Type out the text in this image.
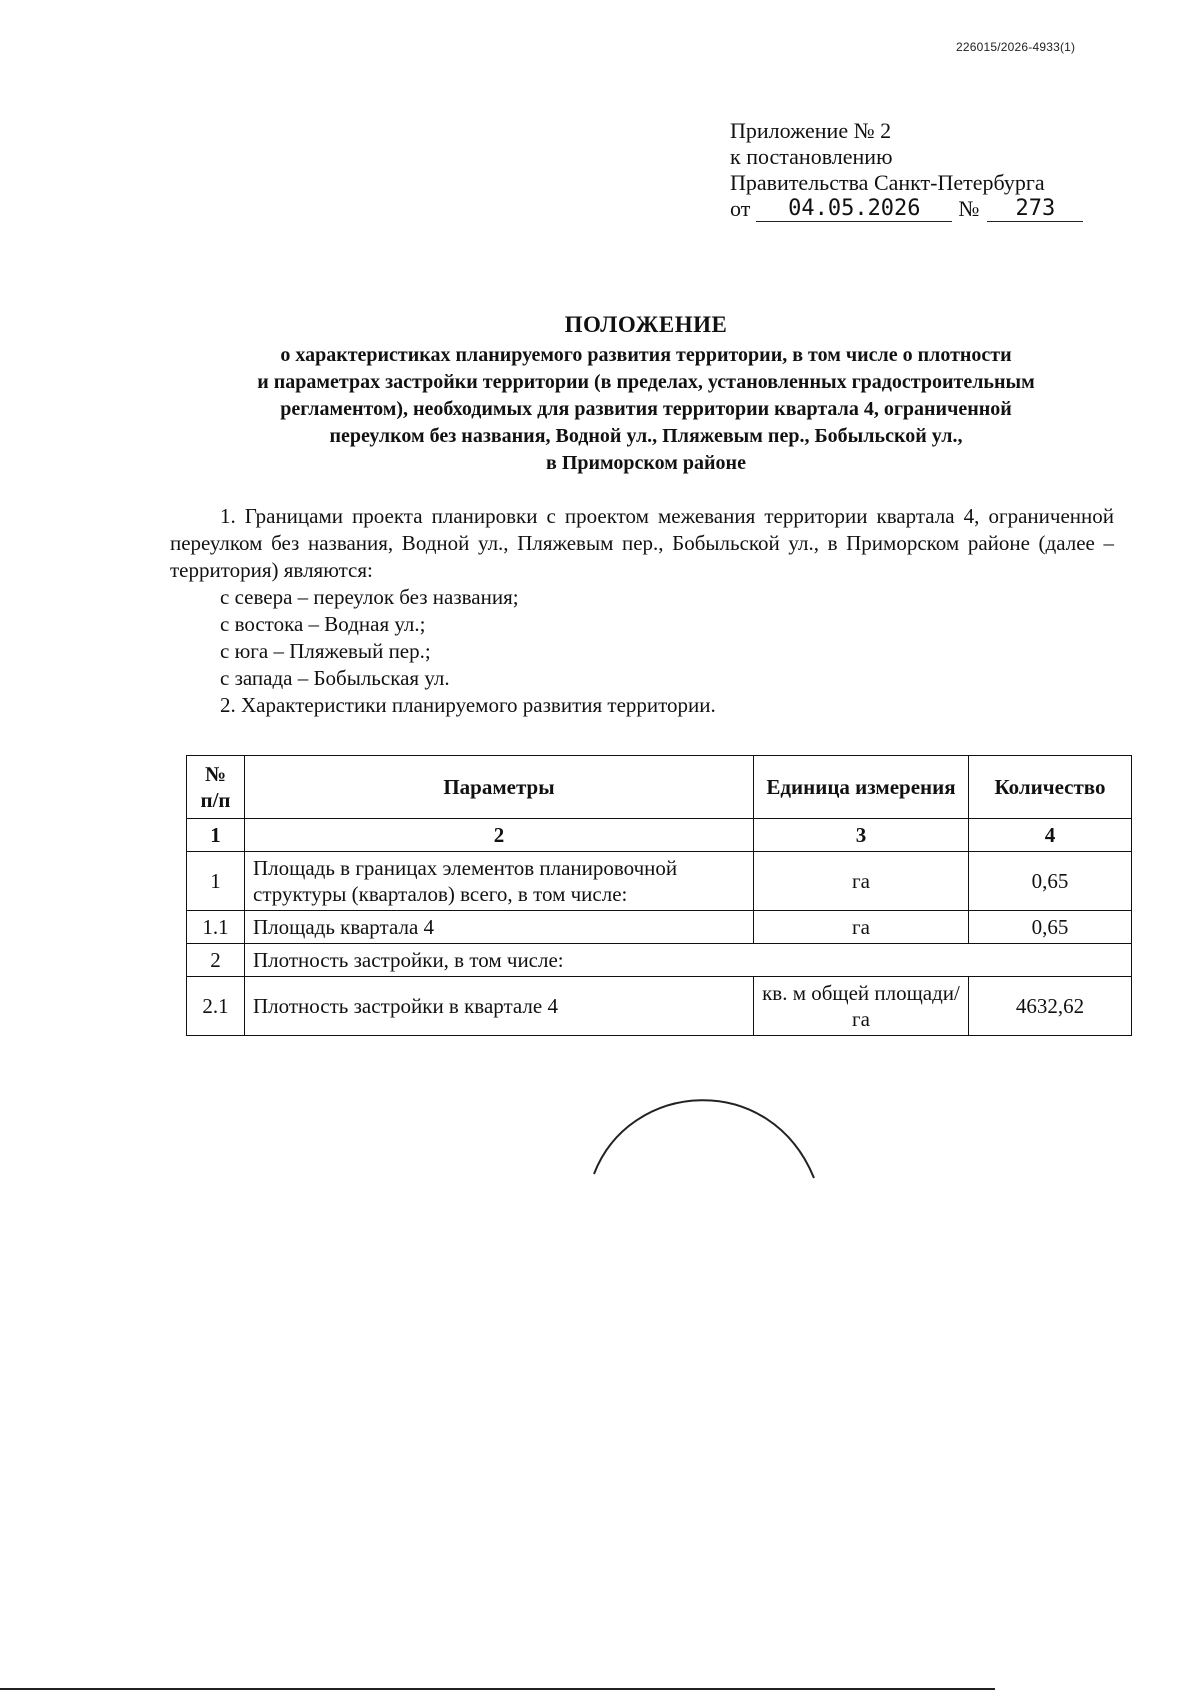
226015/2026-4933(1)
Приложение № 2
к постановлению
Правительства Санкт-Петербурга
от	04.05.2026	№	273
ПОЛОЖЕНИЕ
о характеристиках планируемого развития территории, в том числе о плотности
и параметрах застройки территории (в пределах, установленных градостроительным
регламентом), необходимых для развития территории квартала 4, ограниченной
переулком без названия, Водной ул., Пляжевым пер., Бобыльской ул.,
в Приморском районе

1. Границами проекта планировки с проектом межевания территории квартала 4, ограниченной переулком без названия, Водной ул., Пляжевым пер., Бобыльской ул., в Приморском районе (далее – территория) являются:

с севера – переулок без названия;
с востока – Водная ул.;
с юга – Пляжевый пер.;
с запада – Бобыльская ул.
2. Характеристики планируемого развития территории.
№ п/п	Параметры	Единица измерения	Количество
1	2	3	4
1	Площадь в границах элементов планировочной структуры (кварталов) всего, в том числе:	га	0,65
1.1	Площадь квартала 4	га	0,65
2	Плотность застройки, в том числе:		
2.1	Плотность застройки в квартале 4	кв. м общей площади/га	4632,62
